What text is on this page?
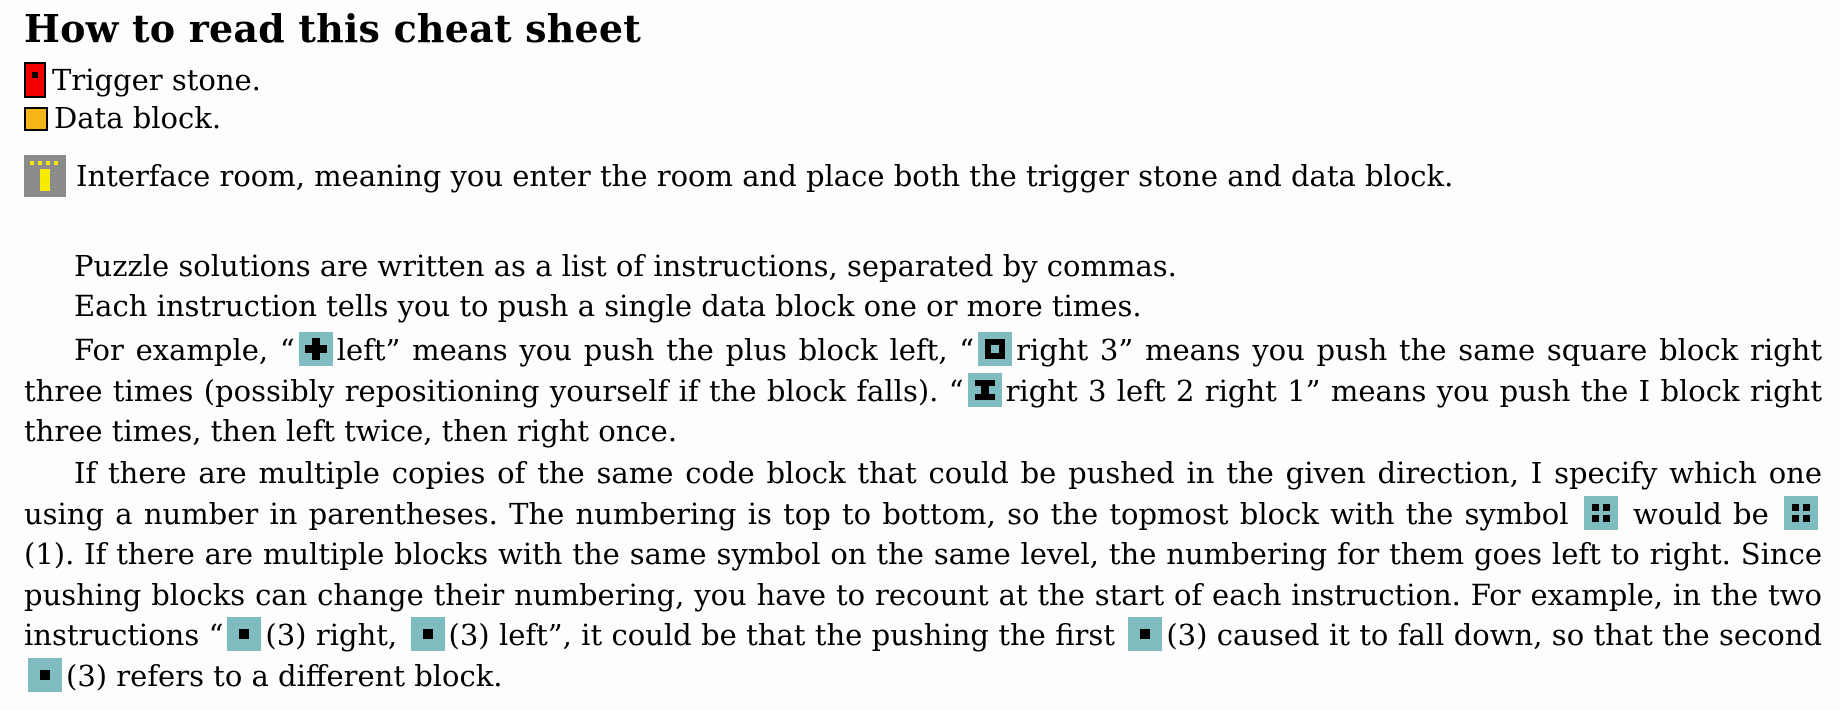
How to read this cheat sheet
Trigger stone.
Data block.
Interface room, meaning you enter the room and place both the trigger stone and data block.

Puzzle solutions are written as a list of instructions, separated by commas.

Each instruction tells you to push a single data block one or more times.

For example, “ left” means you push the plus block left, “ right 3” means you push the same square block right three times (possibly repositioning yourself if the block falls). “ right 3 left 2 right 1” means you push the I block right three times, then left twice, then right once.

If there are multiple copies of the same code block that could be pushed in the given direction, I specify which one using a number in parentheses. The numbering is top to bottom, so the topmost block with the symbol would be
(1). If there are multiple blocks with the same symbol on the same level, the numbering for them goes left to right. Since pushing blocks can change their numbering, you have to recount at the start of each instruction. For example, in the two instructions “ (3) right, (3) left”, it could be that the pushing the first (3) caused it to fall down, so that the second
(3) refers to a different block.
